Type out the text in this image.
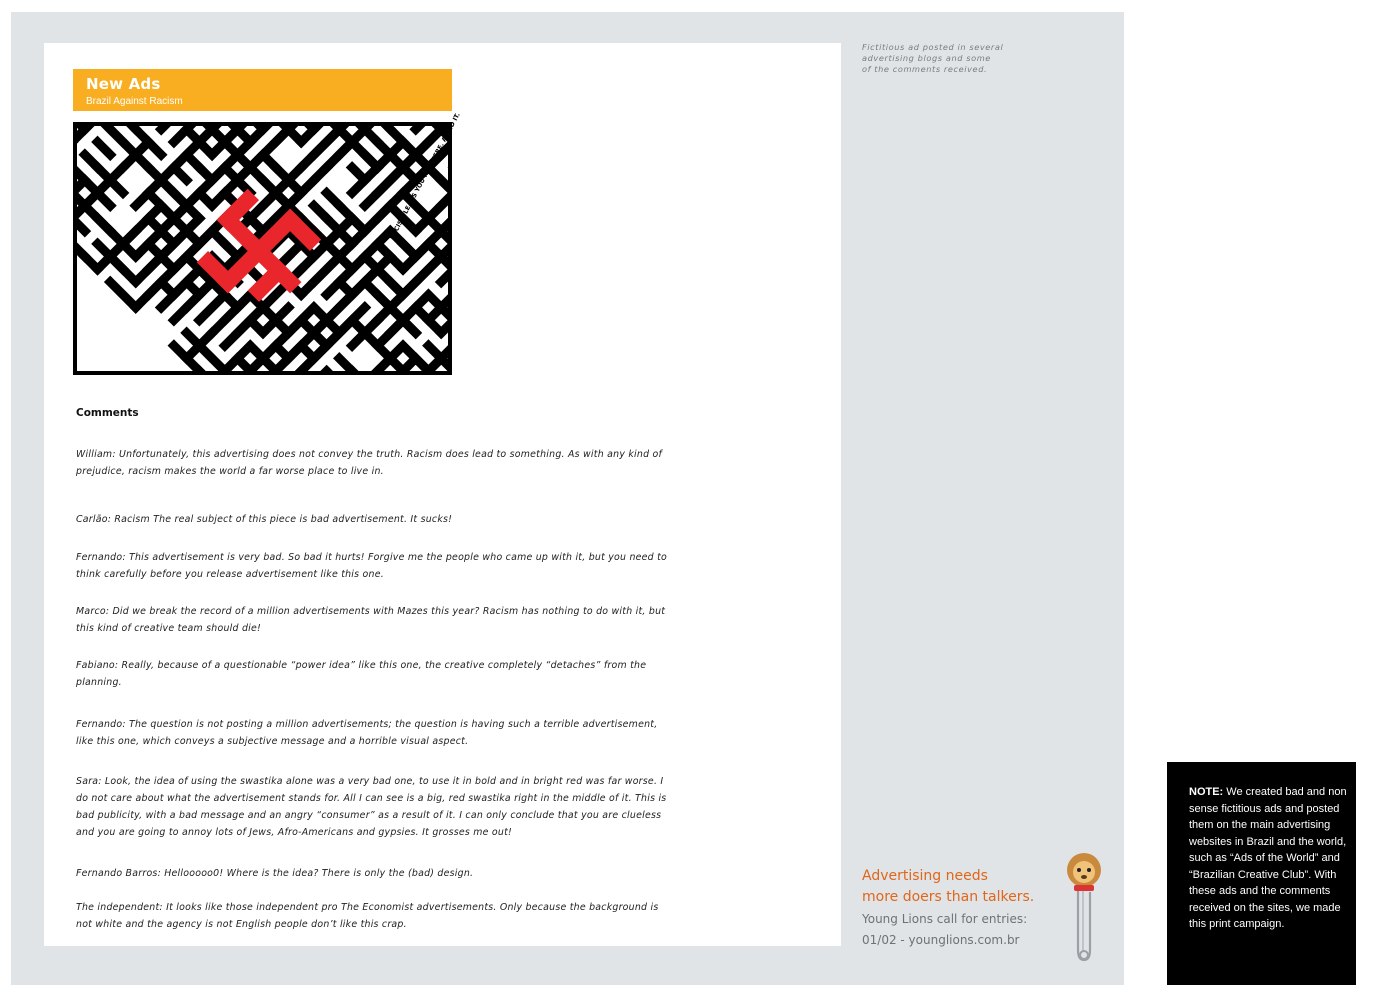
New Ads
Brazil Against Racism
RACISM LEADS YOU NOWHERE. AVOID IT.
Comments
William: Unfortunately, this advertising does not convey the truth. Racism does lead to something. As with any kind of prejudice, racism makes the world a far worse place to live in.
Carlão: Racism The real subject of this piece is bad advertisement. It sucks!
Fernando: This advertisement is very bad. So bad it hurts! Forgive me the people who came up with it, but you need to think carefully before you release advertisement like this one.
Marco: Did we break the record of a million advertisements with Mazes this year? Racism has nothing to do with it, but this kind of creative team should die!
Fabiano: Really, because of a questionable “power idea” like this one, the creative completely “detaches” from the planning.
Fernando: The question is not posting a million advertisements; the question is having such a terrible advertisement, like this one, which conveys a subjective message and a horrible visual aspect.
Sara: Look, the idea of using the swastika alone was a very bad one, to use it in bold and in bright red was far worse. I do not care about what the advertisement stands for. All I can see is a big, red swastika right in the middle of it. This is bad publicity, with a bad message and an angry “consumer” as a result of it. I can only conclude that you are clueless and you are going to annoy lots of Jews, Afro-Americans and gypsies. It grosses me out!
Fernando Barros: Hellooooo0! Where is the idea? There is only the (bad) design.
The independent: It looks like those independent pro The Economist advertisements. Only because the background is not white and the agency is not English people don’t like this crap.
Fictitious ad posted in several
advertising blogs and some
of the comments received.
Advertising needs
more doers than talkers.
Young Lions call for entries:
01/02 - younglions.com.br
NOTE: We created bad and non sense fictitious ads and posted them on the main advertising websites in Brazil and the world, such as “Ads of the World” and “Brazilian Creative Club”. With these ads and the comments received on the sites, we made this print campaign.
